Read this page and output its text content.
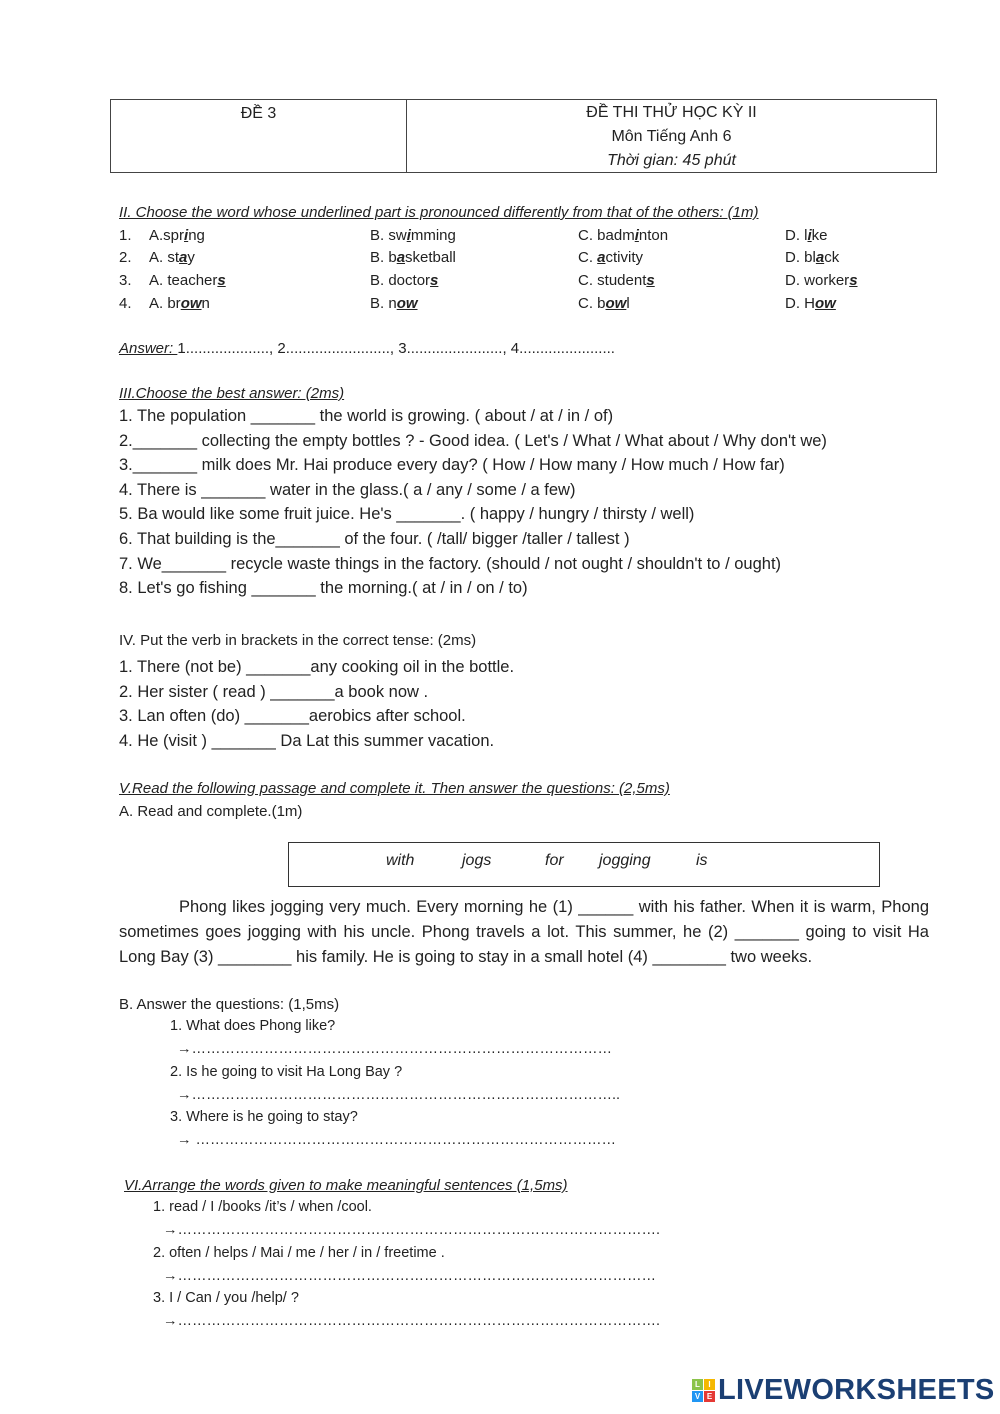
ĐỀ 3	ĐỀ THI THỬ HỌC KỲ II
Môn Tiếng Anh 6
Thời gian: 45 phút
II. Choose the word whose underlined part is pronounced differently from that of the others: (1m)
1. A.spring	B. swimming	C. badminton	D. like
2. A. stay	B. basketball	C. activity	D. black
3. A. teachers	B. doctors	C. students	D. workers
4. A. brown	B. now	C. bowl	D. How
Answer: 1...................., 2........................., 3......................., 4.......................
III.Choose the best answer: (2ms)
1. The population _______ the world is growing. ( about / at / in / of)
2._______ collecting the empty bottles ? - Good idea. ( Let's / What / What about / Why don't we)
3._______ milk does Mr. Hai produce every day? ( How / How many / How much / How far)
4. There is _______ water in the glass.( a / any / some / a few)
5. Ba would like some fruit juice. He's _______. ( happy / hungry / thirsty / well)
6. That building is the_______ of the four. ( /tall/ bigger /taller / tallest )
7. We_______ recycle waste things in the factory. (should / not ought / shouldn't to / ought)
8. Let's go fishing _______ the morning.( at / in / on / to)
IV. Put the verb in brackets in the correct tense: (2ms)
1. There (not be) _______any cooking oil in the bottle.
2. Her sister ( read ) _______a book now .
3. Lan often (do) _______aerobics after school.
4. He (visit ) _______ Da Lat this summer vacation.
V.Read the following passage and complete it. Then answer the questions: (2,5ms)
A. Read and complete.(1m)
with	jogs	for jogging	is
Phong likes jogging very much. Every morning he (1) ______ with his father. When it is warm, Phong sometimes goes jogging with his uncle. Phong travels a lot. This summer, he (2) _______ going to visit Ha Long Bay (3) ________ his family. He is going to stay in a small hotel (4) ________ two weeks.
B. Answer the questions: (1,5ms)
1. What does Phong like?
→……………………………………………………………………………
2. Is he going to visit Ha Long Bay ?
→……………………………………………………………………………..
3. Where is he going to stay?
→ ……………………………………………………………………………
VI.Arrange the words given to make meaningful sentences (1,5ms)
1. read / I /books /it’s / when /cool.
→……………………………………………………………………………………….
2. often / helps / Mai / me / her / in / freetime .
→………………………………………………………………………………………
3. I / Can / you /help/ ?
→……………………………………………………………………………………….
L	I
V E LIVEWORKSHEETS
